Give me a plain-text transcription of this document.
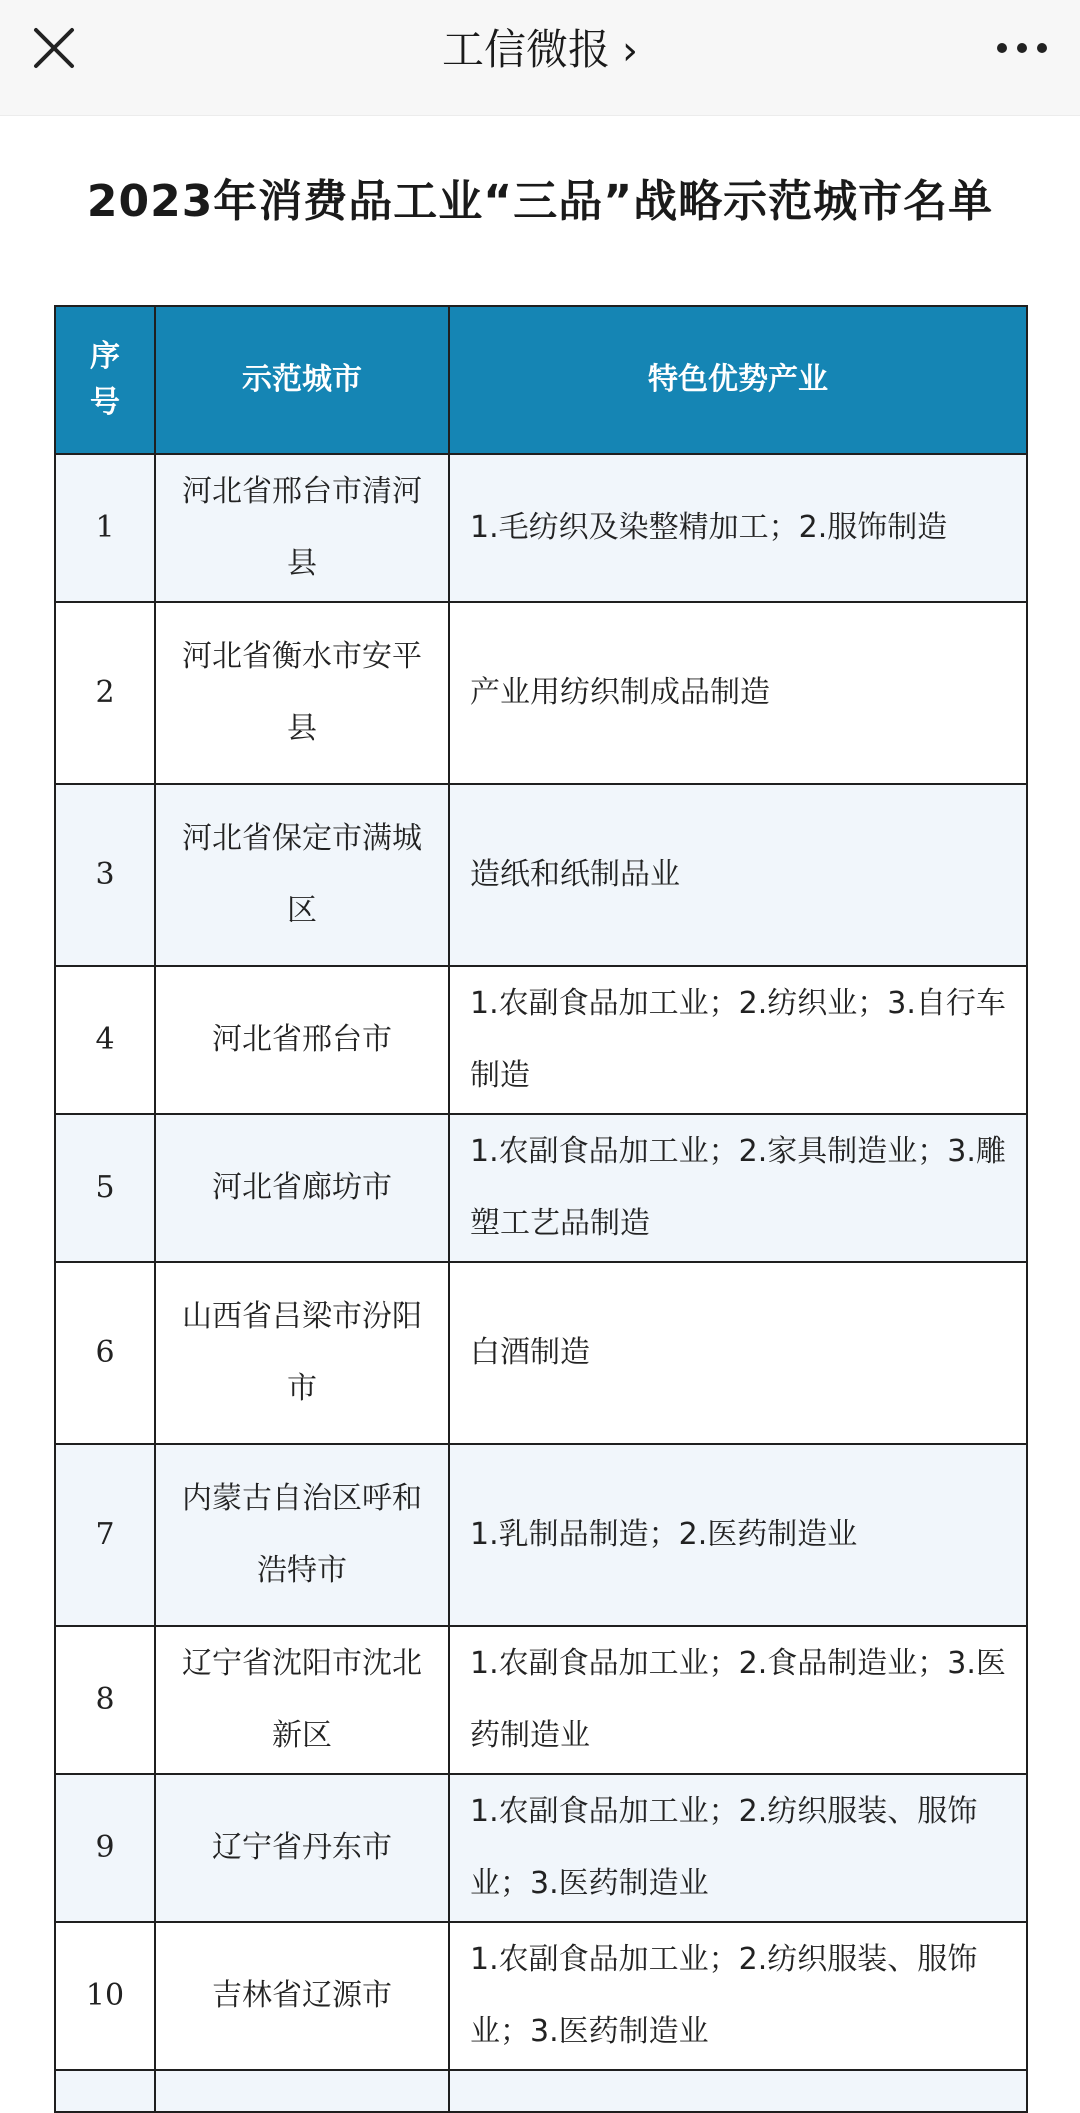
工信微报 ›
2023年消费品工业“三品”战略示范城市名单
序号	示范城市	特色优势产业
1	河北省邢台市清河县	1.毛纺织及染整精加工；2.服饰制造
2	河北省衡水市安平县	产业用纺织制成品制造
3	河北省保定市满城区	造纸和纸制品业
4	河北省邢台市	1.农副食品加工业；2.纺织业；3.自行车制造
5	河北省廊坊市	1.农副食品加工业；2.家具制造业；3.雕塑工艺品制造
6	山西省吕梁市汾阳市	白酒制造
7	内蒙古自治区呼和浩特市	1.乳制品制造；2.医药制造业
8	辽宁省沈阳市沈北新区	1.农副食品加工业；2.食品制造业；3.医药制造业
9	辽宁省丹东市	1.农副食品加工业；2.纺织服装、服饰业；3.医药制造业
10	吉林省辽源市	1.农副食品加工业；2.纺织服装、服饰业；3.医药制造业
